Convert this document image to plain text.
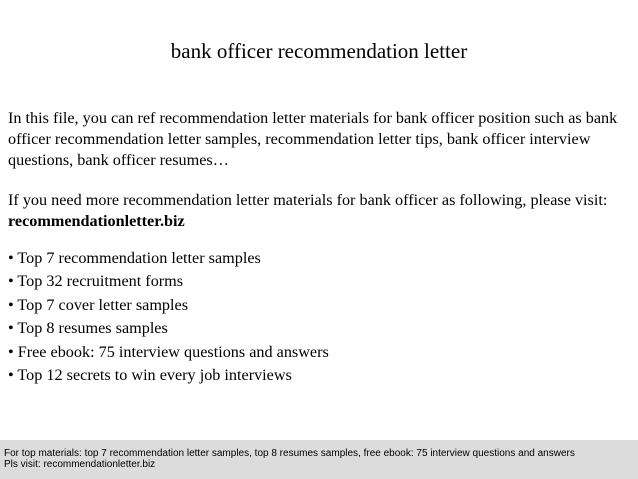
bank officer recommendation letter

In this file, you can ref recommendation letter materials for bank officer position such as bank officer recommendation letter samples, recommendation letter tips, bank officer interview questions, bank officer resumes…

If you need more recommendation letter materials for bank officer as following, please visit: recommendationletter.biz

• Top 7 recommendation letter samples
• Top 32 recruitment forms
• Top 7 cover letter samples
• Top 8 resumes samples
• Free ebook: 75 interview questions and answers
• Top 12 secrets to win every job interviews
For top materials: top 7 recommendation letter samples, top 8 resumes samples, free ebook: 75 interview questions and answers
Pls visit: recommendationletter.biz
